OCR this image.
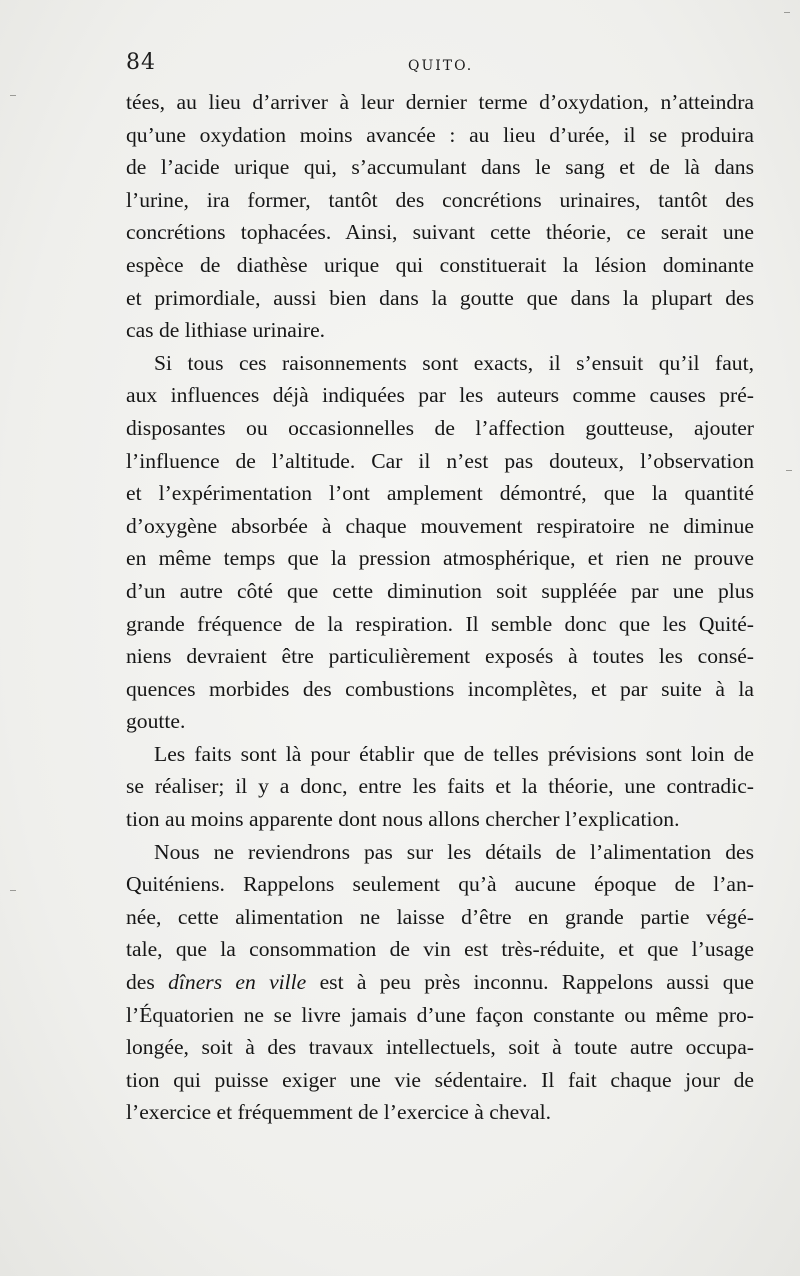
84	QUITO.
tées, au lieu d’arriver à leur dernier terme d’oxydation, n’atteindra
qu’une oxydation moins avancée : au lieu d’urée, il se produira
de l’acide urique qui, s’accumulant dans le sang et de là dans
l’urine, ira former, tantôt des concrétions urinaires, tantôt des
concrétions tophacées. Ainsi, suivant cette théorie, ce serait une
espèce de diathèse urique qui constituerait la lésion dominante
et primordiale, aussi bien dans la goutte que dans la plupart des
cas de lithiase urinaire.
Si tous ces raisonnements sont exacts, il s’ensuit qu’il faut,
aux influences déjà indiquées par les auteurs comme causes pré-
disposantes ou occasionnelles de l’affection goutteuse, ajouter
l’influence de l’altitude. Car il n’est pas douteux, l’observation
et l’expérimentation l’ont amplement démontré, que la quantité
d’oxygène absorbée à chaque mouvement respiratoire ne diminue
en même temps que la pression atmosphérique, et rien ne prouve
d’un autre côté que cette diminution soit suppléée par une plus
grande fréquence de la respiration. Il semble donc que les Quité-
niens devraient être particulièrement exposés à toutes les consé-
quences morbides des combustions incomplètes, et par suite à la
goutte.
Les faits sont là pour établir que de telles prévisions sont loin de
se réaliser; il y a donc, entre les faits et la théorie, une contradic-
tion au moins apparente dont nous allons chercher l’explication.
Nous ne reviendrons pas sur les détails de l’alimentation des
Quiténiens. Rappelons seulement qu’à aucune époque de l’an-
née, cette alimentation ne laisse d’être en grande partie végé-
tale, que la consommation de vin est très-réduite, et que l’usage
des dîners en ville est à peu près inconnu. Rappelons aussi que
l’Équatorien ne se livre jamais d’une façon constante ou même pro-
longée, soit à des travaux intellectuels, soit à toute autre occupa-
tion qui puisse exiger une vie sédentaire. Il fait chaque jour de
l’exercice et fréquemment de l’exercice à cheval.
